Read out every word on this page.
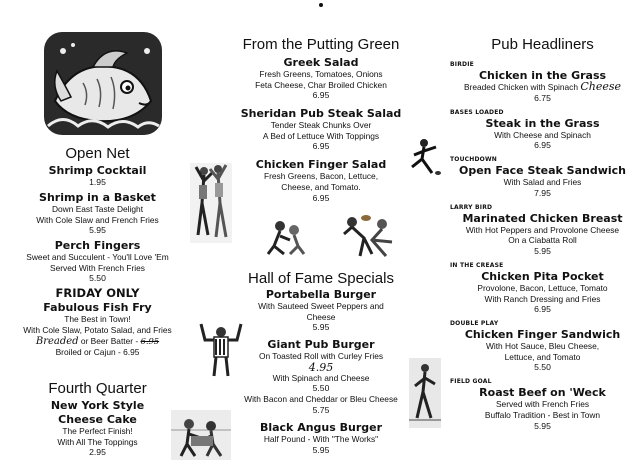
Open Net
Shrimp Cocktail
1.95
Shrimp in a Basket
Down East Taste Delight
With Cole Slaw and French Fries
5.95
Perch Fingers
Sweet and Succulent - You'll Love 'Em
Served With French Fries
5.50
FRIDAY ONLY
Fabulous Fish Fry
The Best in Town!
With Cole Slaw, Potato Salad, and Fries
Breaded or Beer Batter - 6.95
Broiled or Cajun - 6.95
Fourth Quarter
New York Style
Cheese Cake
The Perfect Finish!
With All The Toppings
2.95
From the Putting Green
Greek Salad
Fresh Greens, Tomatoes, Onions
Feta Cheese, Char Broiled Chicken
6.95
Sheridan Pub Steak Salad
Tender Steak Chunks Over
A Bed of Lettuce With Toppings
6.95
Chicken Finger Salad
Fresh Greens, Bacon, Lettuce,
Cheese, and Tomato.
6.95
Hall of Fame Specials
Portabella Burger
With Sauteed Sweet Peppers and
Cheese
5.95
Giant Pub Burger
On Toasted Roll with Curley Fries
4.95
With Spinach and Cheese
5.50
With Bacon and Cheddar or Bleu Cheese
5.75
Black Angus Burger
Half Pound - With "The Works"
5.95
Pub Headliners
BIRDIE
Chicken in the Grass
Breaded Chicken with Spinach Cheese
6.75
BASES LOADED
Steak in the Grass
With Cheese and Spinach
6.95
TOUCHDOWN
Open Face Steak Sandwich
With Salad and Fries
7.95
LARRY BIRD
Marinated Chicken Breast
With Hot Peppers and Provolone Cheese
On a Ciabatta Roll
5.95
IN THE CREASE
Chicken Pita Pocket
Provolone, Bacon, Lettuce, Tomato
With Ranch Dressing and Fries
6.95
DOUBLE PLAY
Chicken Finger Sandwich
With Hot Sauce, Bleu Cheese,
Lettuce, and Tomato
5.50
FIELD GOAL
Roast Beef on 'Weck
Served with French Fries
Buffalo Tradition - Best in Town
5.95
